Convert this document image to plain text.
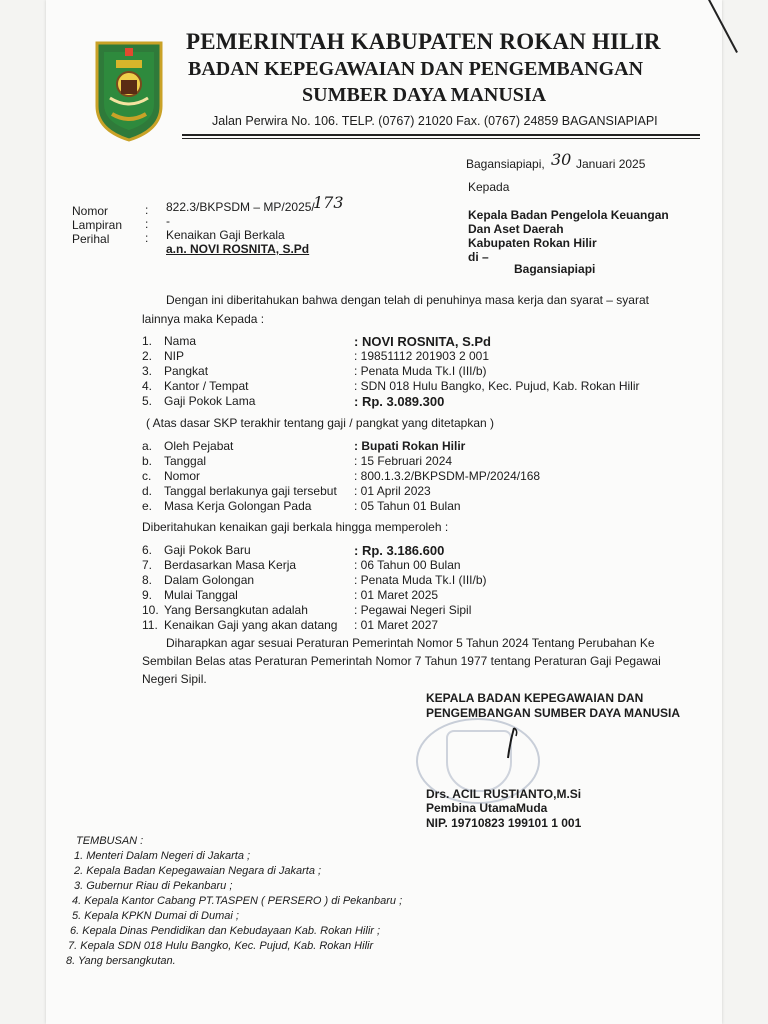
PEMERINTAH KABUPATEN ROKAN HILIR
BADAN KEPEGAWAIAN DAN PENGEMBANGAN
SUMBER DAYA MANUSIA
Jalan Perwira No. 106. TELP. (0767) 21020 Fax. (0767) 24859 BAGANSIAPIAPI
Bagansiapiapi, 30 Januari 2025
Kepada
Kepala Badan Pengelola Keuangan
Dan Aset Daerah
Kabupaten Rokan Hilir
di –
Bagansiapiapi
Nomor	: 822.3/BKPSDM – MP/2025/
173
Lampiran : -
Perihal	: Kenaikan Gaji Berkala
a.n. NOVI ROSNITA, S.Pd
Dengan ini diberitahukan bahwa dengan telah di penuhinya masa kerja dan syarat – syarat
lainnya maka Kepada :
1. Nama	: NOVI ROSNITA, S.Pd
2. NIP	: 19851112 201903 2 001
3. Pangkat	: Penata Muda Tk.I (III/b)
4. Kantor / Tempat	: SDN 018 Hulu Bangko, Kec. Pujud, Kab. Rokan Hilir
5. Gaji Pokok Lama	: Rp. 3.089.300
( Atas dasar SKP terakhir tentang gaji / pangkat yang ditetapkan )
a. Oleh Pejabat	: Bupati Rokan Hilir
b. Tanggal	: 15 Februari 2024
c. Nomor	: 800.1.3.2/BKPSDM-MP/2024/168
d. Tanggal berlakunya gaji tersebut : 01 April 2023
e. Masa Kerja Golongan Pada	: 05 Tahun 01 Bulan
Diberitahukan kenaikan gaji berkala hingga memperoleh :
6. Gaji Pokok Baru	: Rp. 3.186.600
7. Berdasarkan Masa Kerja	: 06 Tahun 00 Bulan
8. Dalam Golongan	: Penata Muda Tk.I (III/b)
9. Mulai Tanggal	: 01 Maret 2025
10. Yang Bersangkutan adalah	: Pegawai Negeri Sipil
11. Kenaikan Gaji yang akan datang : 01 Maret 2027
Diharapkan agar sesuai Peraturan Pemerintah Nomor 5 Tahun 2024 Tentang Perubahan Ke
Sembilan Belas atas Peraturan Pemerintah Nomor 7 Tahun 1977 tentang Peraturan Gaji Pegawai
Negeri Sipil.
KEPALA BADAN KEPEGAWAIAN DAN
PENGEMBANGAN SUMBER DAYA MANUSIA
Drs. ACIL RUSTIANTO,M.Si
Pembina UtamaMuda
NIP. 19710823 199101 1 001
TEMBUSAN :
1. Menteri Dalam Negeri di Jakarta ;
2. Kepala Badan Kepegawaian Negara di Jakarta ;
3. Gubernur Riau di Pekanbaru ;
4. Kepala Kantor Cabang PT.TASPEN ( PERSERO ) di Pekanbaru ;
5. Kepala KPKN Dumai di Dumai ;
6. Kepala Dinas Pendidikan dan Kebudayaan Kab. Rokan Hilir ;
7. Kepala SDN 018 Hulu Bangko, Kec. Pujud, Kab. Rokan Hilir
8. Yang bersangkutan.
